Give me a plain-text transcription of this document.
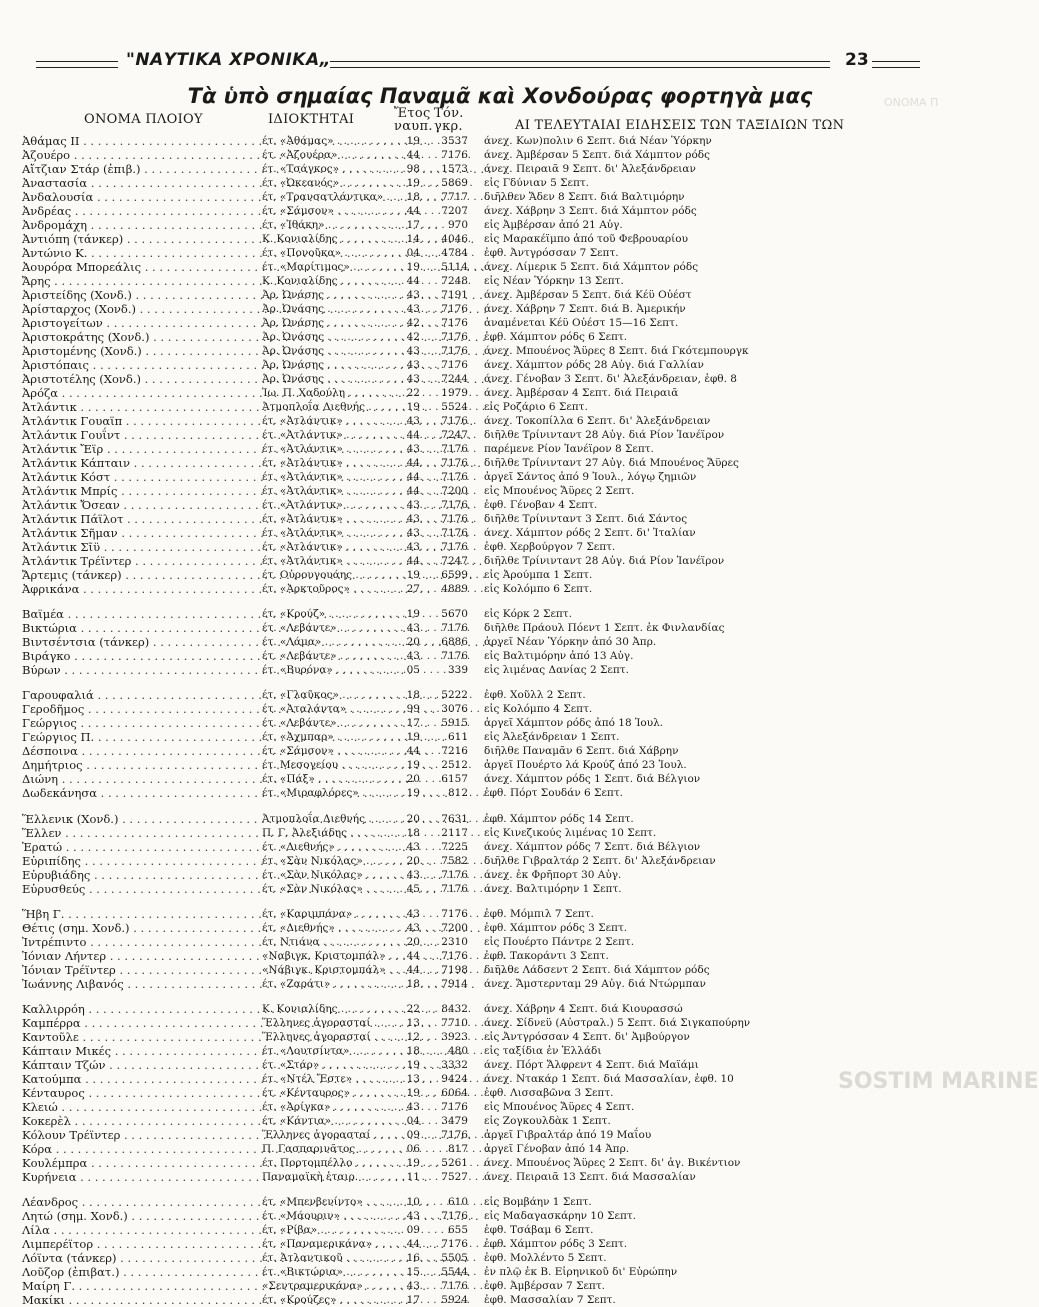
"ΝΑΥΤΙΚΑ ΧΡΟΝΙΚΑ„	23
Τὰ ὑπὸ σημαίας Παναμᾶ καὶ Χονδούρας φορτηγὰ μας
ΟΝΟΜΑ ΠΛΟΙΟΥ	ΙΔΙΟΚΤΗΤΑΙ	Ἔτος
ναυπ.
Τόν.
γκρ.	ΑΙ ΤΕΛΕΥΤΑΙΑΙ ΕΙΔΗΣΕΙΣ ΤΩΝ ΤΑΞΙΔΙΩΝ ΤΩΝ
Ἀθάμας ΙΙ . . .	έτ. «Ἀθάμας» . . .	19	3537 άνεχ. Κων)πολιν 6 Σεπτ. διά Νέαν Ὑόρκην
Ἀζουέρο . . .	έτ. «Ἀζουέρα» . . .	44	7176 άνεχ. Ἀμβέρσαν 5 Σεπτ. διά Χάμπτον ρόδς
Αἴτζιαν Στάρ (ἐπιβ.) . . .	έτ. «Τσάγκος» . . .	98	1573 άνεχ. Πειραιᾶ 9 Σεπτ. δι' Ἀλεξάνδρειαν
Ἀναστασία . . .	έτ. «Ὠκεανός» . . .	19	5869 εἰς Γδύνιαν 5 Σεπτ.
Ἀνδαλουσία . . .	έτ. «Τρανσατλάντικα» . . .	18	7717 διῆλθεν Ἄδεν 8 Σεπτ. διά Βαλτιμόρην
Ἀνδρέας . . .	έτ. «Σάμσον» . . .	44	7207 άνεχ. Χάβρην 3 Σεπτ. διά Χάμπτον ρόδς
Ἀνδρομάχη . . .	έτ. «Ἰθάκη» . . .	17	970 εἰς Ἀμβέρσαν ἀπό 21 Αὐγ.
Ἀντιόπη (τάνκερ) . . .	Κ. Κονιαλίδης . . .	14	4046 εἰς Μαρακέϊμπο ἀπό τοῦ Φεβρουαρίου
Ἀντώνιο Κ. . . .	έτ. «Πονοῦκα» . . .	04	4784 ἐφθ. Ἀντγρόσσαν 7 Σεπτ.
Ἀουρόρα Μπορεάλις . . .	έτ. «Μαρίτιμος» . . .	19	5114 άνεχ. Λίμερικ 5 Σεπτ. διά Χάμπτον ρόδς
Ἄρης . . .	Κ. Κονιαλίδης . . .	44	7248 εἰς Νέαν Ὑόρκην 13 Σεπτ.
Ἀριστείδης (Χονδ.) . . .	Ἀρ. Ὠνάσης . . .	43	7191 άνεχ. Ἀμβέρσαν 5 Σεπτ. διά Κέϋ Οὐέστ
Ἀρίσταρχος (Χονδ.) . . .	Ἀρ. Ὠνάσης . . .	43	7176 άνεχ. Χάβρην 7 Σεπτ. διά Β. Ἀμερικήν
Ἀριστογείτων . . .	Ἀρ. Ὠνάσης . . .	42	7176 ἀναμένεται Κέϋ Οὐέστ 15—16 Σεπτ.
Ἀριστοκράτης (Χονδ.) . . .	Ἀρ. Ὠνάσης . . .	42	7176 ἐφθ. Χάμπτον ρόδς 6 Σεπτ.
Ἀριστομένης (Χονδ.) . . .	Ἀρ. Ὠνάσης . . .	43	7176 άνεχ. Μπουένος Ἄϋρες 8 Σεπτ. διά Γκότεμπουργκ
Ἀριστόπαις . . .	Ἀρ. Ὠνάσης . . .	43	7176 άνεχ. Χάμπτον ρόδς 28 Αὐγ. διά Γαλλίαν
Ἀριστοτέλης (Χονδ.) . . .	Ἀρ. Ὠνάσης . . .	43	7244 άνεχ. Γένοβαν 3 Σεπτ. δι' Ἀλεξάνδρειαν, ἐφθ. 8
Ἀρόζα . . .	Ἰω. Π. Χαδούλη . . .	22	1979 άνεχ. Ἀμβέρσαν 4 Σεπτ. διά Πειραιᾶ
Ἀτλάντικ . . .	Ἀτμοπλοΐα Διεθνής . . .	19	5524 εἰς Ροζάριο 6 Σεπτ.
Ἀτλάντικ Γουαϊπ . . .	έτ. «Ἀτλάντικ» . . .	43	7176 άνεχ. Τοκοπίλλα 6 Σεπτ. δι' Ἀλεξάνδρειαν
Ἀτλάντικ Γουΐντ . . .	έτ. «Ἀτλάντικ» . . .	44	7247 διῆλθε Τρίνινταντ 28 Αὐγ. διά Ρίον Ἰανέϊρον
Ἀτλάντικ Ἔϊρ . . .	έτ. «Ἀτλάντικ» . . .	43	7176 παρέμενε Ρίον Ἰανέϊρον 8 Σεπτ.
Ἀτλάντικ Κάπταιν . . .	έτ. «Ἀτλάντικ» . . .	44	7176 διῆλθε Τρίνινταντ 27 Αὐγ. διά Μπουένος Ἄϋρες
Ἀτλάντικ Κόστ . . .	έτ. «Ἀτλάντικ» . . .	44	7176 ἀργεῖ Σάντος ἀπό 9 Ἰουλ., λόγῳ ζημιῶν
Ἀτλάντικ Μπρίς . . .	έτ. «Ἀτλάντικ» . . .	44	7200 εἰς Μπουένος Ἄϋρες 2 Σεπτ.
Ἀτλάντικ Ὄσεαν . . .	έτ. «Ἀτλάντικ» . . .	43	7176 ἐφθ. Γένοβαν 4 Σεπτ.
Ἀτλάντικ Πάϊλοτ . . .	έτ. «Ἀτλάντικ» . . .	43	7176 διῆλθε Τρίνινταντ 3 Σεπτ. διά Σάντος
Ἀτλάντικ Σῆμαν . . .	έτ. «Ἀτλάντικ» . . .	43	7176 άνεχ. Χάμπτον ρόδς 2 Σεπτ. δι' Ἰταλίαν
Ἀτλάντικ Σῖϋ . . .	έτ. «Ἀτλάντικ» . . .	43	7176 ἐφθ. Χερβούργον 7 Σεπτ.
Ἀτλάντικ Τρέϊντερ . . .	έτ. «Ἀτλάντικ» . . .	44	7247 διῆλθε Τρίνινταντ 28 Αὐγ. διά Ρίον Ἰανέϊρον
Ἄρτεμις (τάνκερ) . . .	έτ. Οὐρουγουάης . . .	19	6599 εἰς Ἀρούμπα 1 Σεπτ.
Ἀφρικάνα . . .	έτ. «Ἀρκτοῦρος» . . .	27	4889 εἰς Κολόμπο 6 Σεπτ.
Βαϊμέα . . .	έτ. «Κρούζ» . . .	19	5670 εἰς Κόρκ 2 Σεπτ.
Βικτώρια . . .	έτ. «Λεβάντε» . . .	43	7176 διῆλθε Πράουλ Πόεντ 1 Σεπτ. ἐκ Φινλανδίας
Βιντσέντσια (τάνκερ) . . .	έτ. «Λάμα» . . .	20	6886 ἀργεῖ Νέαν Ὑόρκην ἀπό 30 Ἀπρ.
Βιράγκο . . .	έτ. «Λεβάντε» . . .	43	7176 εἰς Βαλτιμόρην ἀπό 13 Αὐγ.
Βύρων . . .	έτ. «Βυρόνα» . . .	05	339 εἰς λιμένας Δανίας 2 Σεπτ.
Γαρουφαλιά . . .	έτ. «Γλαῦκος» . . .	18	5222 ἐφθ. Χοῦλλ 2 Σεπτ.
Γεροδῆμος . . .	έτ. «Ἀταλάντα» . . .	99	3076 εἰς Κολόμπο 4 Σεπτ.
Γεώργιος . . .	έτ. «Λεβάντε» . . .	17	5915 ἀργεῖ Χάμπτον ρόδς ἀπό 18 Ἰουλ.
Γεώργιος Π. . . .	έτ. «Ἀχμπαρ» . . .	19	611 εἰς Ἀλεξάνδρειαν 1 Σεπτ.
Δέσποινα . . .	έτ. «Σάμσον» . . .	44	7216 διῆλθε Παναμᾶν 6 Σεπτ. διά Χάβρην
Δημήτριος . . .	έτ. Μεσογείου . . .	19	2512 ἀργεῖ Πουέρτο λά Κρούζ ἀπό 23 Ἰουλ.
Διώνη . . .	έτ. «Πάξ» . . .	20	6157 άνεχ. Χάμπτον ρόδς 1 Σεπτ. διά Βέλγιον
Δωδεκάνησα . . .	έτ. «Μιραφλόρες» . . .	19	812 ἐφθ. Πόρτ Σουδάν 6 Σεπτ.
Ἕλλενικ (Χονδ.) . . .	Ἀτμοπλοΐα Διεθνής . . .	20	7631 ἐφθ. Χάμπτον ρόδς 14 Σεπτ.
Ἕλλεν . . .	Π. Γ. Ἀλεξιάδης . . .	18	2117 εἰς Κινεζικούς λιμένας 10 Σεπτ.
Ἐρατώ . . .	έτ. «Διεθνής» . . .	43	7225 άνεχ. Χάμπτον ρόδς 7 Σεπτ. διά Βέλγιον
Εὐριπίδης . . .	έτ. «Σὰν Νικόλας» . . .	20	7582 διῆλθε Γιβραλτάρ 2 Σεπτ. δι' Ἀλεξάνδρειαν
Εὐρυβιάδης . . .	έτ. «Σὰν Νικόλας» . . .	43	7176 άνεχ. ἐκ Φρῆπορτ 30 Αὐγ.
Εὐρυσθεύς . . .	έτ. «Σὰν Νικόλας» . . .	45	7176 άνεχ. Βαλτιμόρην 1 Σεπτ.
Ἥβη Γ. . . .	έτ. «Καριμπάνα» . . .	43	7176 ἐφθ. Μόμπιλ 7 Σεπτ.
Θέτις (σημ. Χονδ.) . . .	έτ. «Διεθνής» . . .	43	7200 ἐφθ. Χάμπτον ρόδς 3 Σεπτ.
Ἰντρέπιντο . . .	έτ. Ντιάνα . . .	20	2310 εἰς Πουέρτο Πάντρε 2 Σεπτ.
Ἰόνιαν Λήντερ . . .	«Ναβιγκ. Κριστομπάλ» . . .	44	7176 ἐφθ. Τακοράντι 3 Σεπτ.
Ἰόνιαν Τρέϊντερ . . .	«Νάβιγκ. Κριστομπάλ» . . .	44	7198 διῆλθε Λάδσεντ 2 Σεπτ. διά Χάμπτον ρόδς
Ἰωάννης Λιβανός . . .	έτ. «Ζαράτι» . . .	18	7914 άνεχ. Ἄμστερνταμ 29 Αὐγ. διά Ντώρμπαν
Καλλιρρόη . . .	Κ. Κονιαλίδης . . .	22	8432 άνεχ. Χάβρην 4 Σεπτ. διά Κιουρασσώ
Καμπέρρα . . .	Ἕλληνες ἀγορασταί . . .	13	7710 άνεχ. Σίδνεϋ (Αὐστραλ.) 5 Σεπτ. διά Σιγκαπούρην
Καντοῦλε . . .	Ἕλληνες ἀγορασταί . . .	12	3923 εἰς Ἀντγρόσσαν 4 Σεπτ. δι' Ἀμβούργον
Κάπταιν Μικές . . .	έτ. «Λουτσίντα» . . .	18	480 εἰς ταξίδια ἐν Ἑλλάδι
Κάπταιν Τζών . . .	έτ. «Στάρ» . . .	19	3332 άνεχ. Πόρτ Ἄλφρεντ 4 Σεπτ. διά Μαϊάμι
Κατούμπα . . .	έτ. «Ντέλ Ἔστε» . . .	13	9424 άνεχ. Ντακάρ 1 Σεπτ. διά Μασσαλίαν, ἐφθ. 10
Κένταυρος . . .	έτ. «Κένταυρος» . . .	19	6064 ἐφθ. Λισσαβῶνα 3 Σεπτ.
Κλειώ . . .	έτ. «Ἀρίγκα» . . .	43	7176 εἰς Μπουένος Ἄϋρες 4 Σεπτ.
Κοκερὲλ . . .	έτ. «Κάντια» . . .	04	3479 εἰς Ζογκουλδὰκ 1 Σεπτ.
Κόλουν Τρέϊντερ . . .	Ἕλληνες ἀγορασταί . . .	09	7176 ἀργεῖ Γιβραλτάρ ἀπό 19 Μαΐου
Κόρα . . .	Π. Γασπαρινᾶτος . . .	06	817 ἀργεῖ Γένοβαν ἀπό 14 Ἀπρ.
Κουλέμπρα . . .	έτ. Πορτομπέλλο . . .	19	5261 άνεχ. Μπουένος Ἄϋρες 2 Σεπτ. δι' ἁγ. Βικέντιον
Κυρήνεια . . .	Παναμαϊκὴ ἑταιρ. . . .	11	7527 άνεχ. Πειραιᾶ 13 Σεπτ. διά Μασσαλίαν
Λέανδρος . . .	έτ. «Μπενβενίντο» . . .	10	610 εἰς Βομβάην 1 Σεπτ.
Λητώ (σημ. Χονδ.) . . .	έτ. «Μάουριν» . . .	43	7176 εἰς Μαδαγασκάρην 10 Σεπτ.
Λίλα . . .	έτ. «Ρίβα» . . .	09	655 ἐφθ. Τσάβαμ 6 Σεπτ.
Λιμπερέϊτορ . . .	έτ. «Παναμερικάνα» . . .	44	7176 ἐφθ. Χάμπτον ρόδς 3 Σεπτ.
Λόϊντα (τάνκερ) . . .	έτ. Ἀτλαντικοῦ . . .	16	5505 ἐφθ. Μολλέντο 5 Σεπτ.
Λοῦζορ (ἐπιβατ.) . . .	έτ. «Βικτώρια» . . .	15	5544 ἐν πλῷ ἐκ Β. Εἰρηνικοῦ δι' Εὐρώπην
Μαίρη Γ. . . .	«Σεντραμερικάνα» . . .	43	7176 ἐφθ. Ἀμβέρσαν 7 Σεπτ.
Μακίκι . . .	έτ. «Κρούζες» . . .	17	5924 ἐφθ. Μασσαλίαν 7 Σεπτ.
ΟΝΟΜΑ Π
SOSTIM MARINE
